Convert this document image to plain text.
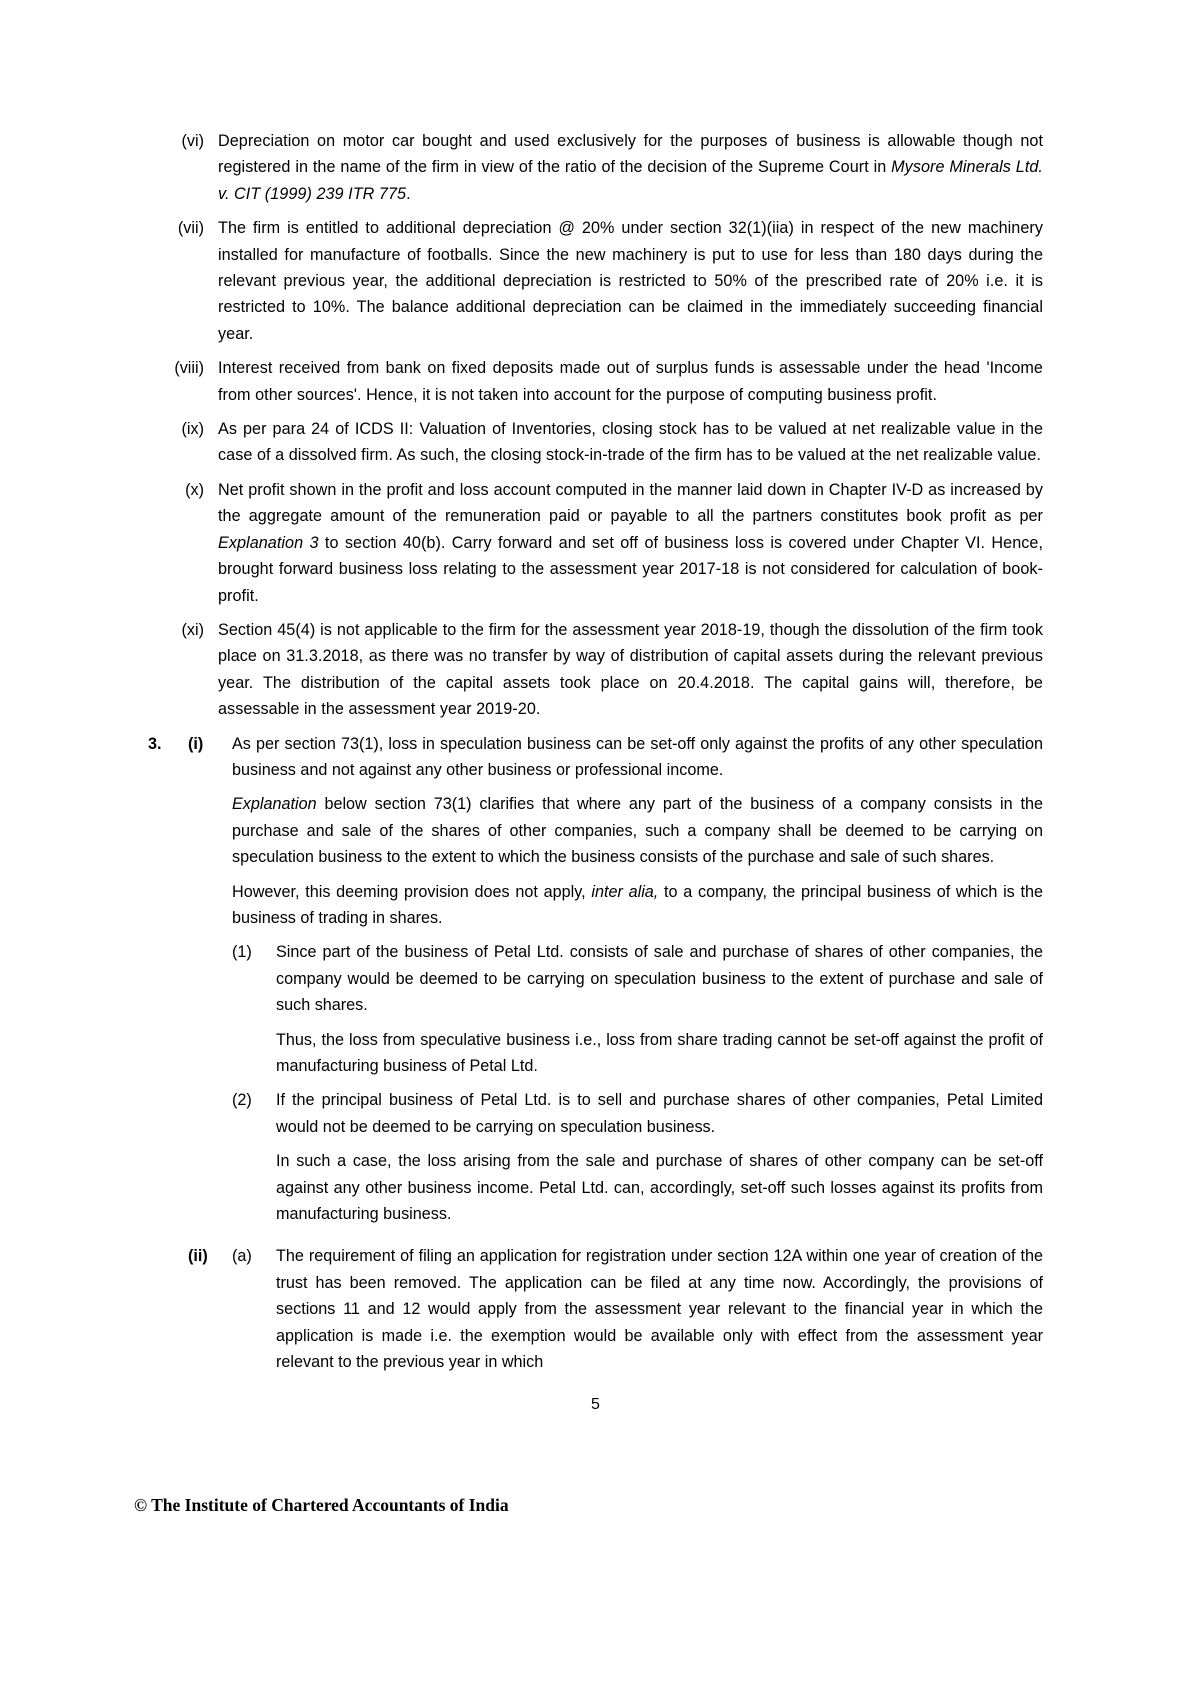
(vi) Depreciation on motor car bought and used exclusively for the purposes of business is allowable though not registered in the name of the firm in view of the ratio of the decision of the Supreme Court in Mysore Minerals Ltd. v. CIT (1999) 239 ITR 775.
(vii) The firm is entitled to additional depreciation @ 20% under section 32(1)(iia) in respect of the new machinery installed for manufacture of footballs. Since the new machinery is put to use for less than 180 days during the relevant previous year, the additional depreciation is restricted to 50% of the prescribed rate of 20% i.e. it is restricted to 10%. The balance additional depreciation can be claimed in the immediately succeeding financial year.
(viii) Interest received from bank on fixed deposits made out of surplus funds is assessable under the head 'Income from other sources'. Hence, it is not taken into account for the purpose of computing business profit.
(ix) As per para 24 of ICDS II: Valuation of Inventories, closing stock has to be valued at net realizable value in the case of a dissolved firm. As such, the closing stock-in-trade of the firm has to be valued at the net realizable value.
(x) Net profit shown in the profit and loss account computed in the manner laid down in Chapter IV-D as increased by the aggregate amount of the remuneration paid or payable to all the partners constitutes book profit as per Explanation 3 to section 40(b). Carry forward and set off of business loss is covered under Chapter VI. Hence, brought forward business loss relating to the assessment year 2017-18 is not considered for calculation of book-profit.
(xi) Section 45(4) is not applicable to the firm for the assessment year 2018-19, though the dissolution of the firm took place on 31.3.2018, as there was no transfer by way of distribution of capital assets during the relevant previous year. The distribution of the capital assets took place on 20.4.2018. The capital gains will, therefore, be assessable in the assessment year 2019-20.
3.	(i)	As per section 73(1), loss in speculation business can be set-off only against the profits of any other speculation business and not against any other business or professional income.
Explanation below section 73(1) clarifies that where any part of the business of a company consists in the purchase and sale of the shares of other companies, such a company shall be deemed to be carrying on speculation business to the extent to which the business consists of the purchase and sale of such shares.
However, this deeming provision does not apply, inter alia, to a company, the principal business of which is the business of trading in shares.
(1)	Since part of the business of Petal Ltd. consists of sale and purchase of shares of other companies, the company would be deemed to be carrying on speculation business to the extent of purchase and sale of such shares.
Thus, the loss from speculative business i.e., loss from share trading cannot be set-off against the profit of manufacturing business of Petal Ltd.
(2)	If the principal business of Petal Ltd. is to sell and purchase shares of other companies, Petal Limited would not be deemed to be carrying on speculation business.
In such a case, the loss arising from the sale and purchase of shares of other company can be set-off against any other business income. Petal Ltd. can, accordingly, set-off such losses against its profits from manufacturing business.
(ii)	(a)	The requirement of filing an application for registration under section 12A within one year of creation of the trust has been removed. The application can be filed at any time now. Accordingly, the provisions of sections 11 and 12 would apply from the assessment year relevant to the financial year in which the application is made i.e. the exemption would be available only with effect from the assessment year relevant to the previous year in which
5
© The Institute of Chartered Accountants of India
